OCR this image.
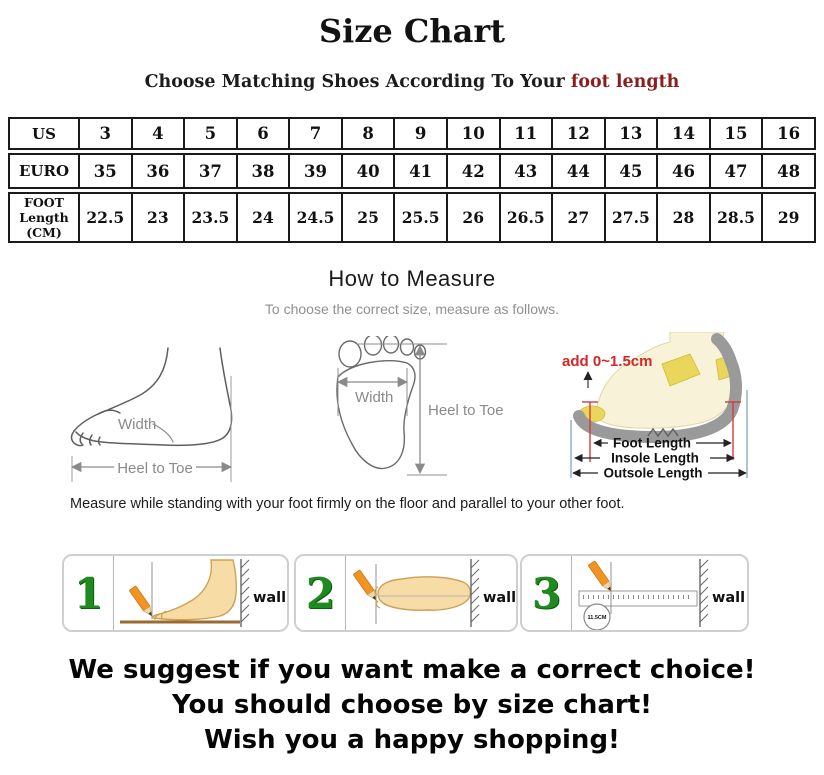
Size Chart
Choose Matching Shoes According To Your foot length
US	3	4	5	6	7	8	9	10	11	12	13	14	15	16
EURO	35	36	37	38	39	40	41	42	43	44	45	46	47	48
FOOT Length (CM)	22.5	23	23.5	24	24.5	25	25.5	26	26.5	27	27.5	28	28.5	29
How to Measure
To choose the correct size, measure as follows.
Width
Heel to Toe
Width
Heel to Toe
add 0~1.5cm
Foot Length
Insole Length
Outsole Length
Measure while standing with your foot firmly on the floor and parallel to your other foot.
1	wall 2	wall 3
11.5CM
wall
We suggest if you want make a correct choice!
You should choose by size chart!
Wish you a happy shopping!
